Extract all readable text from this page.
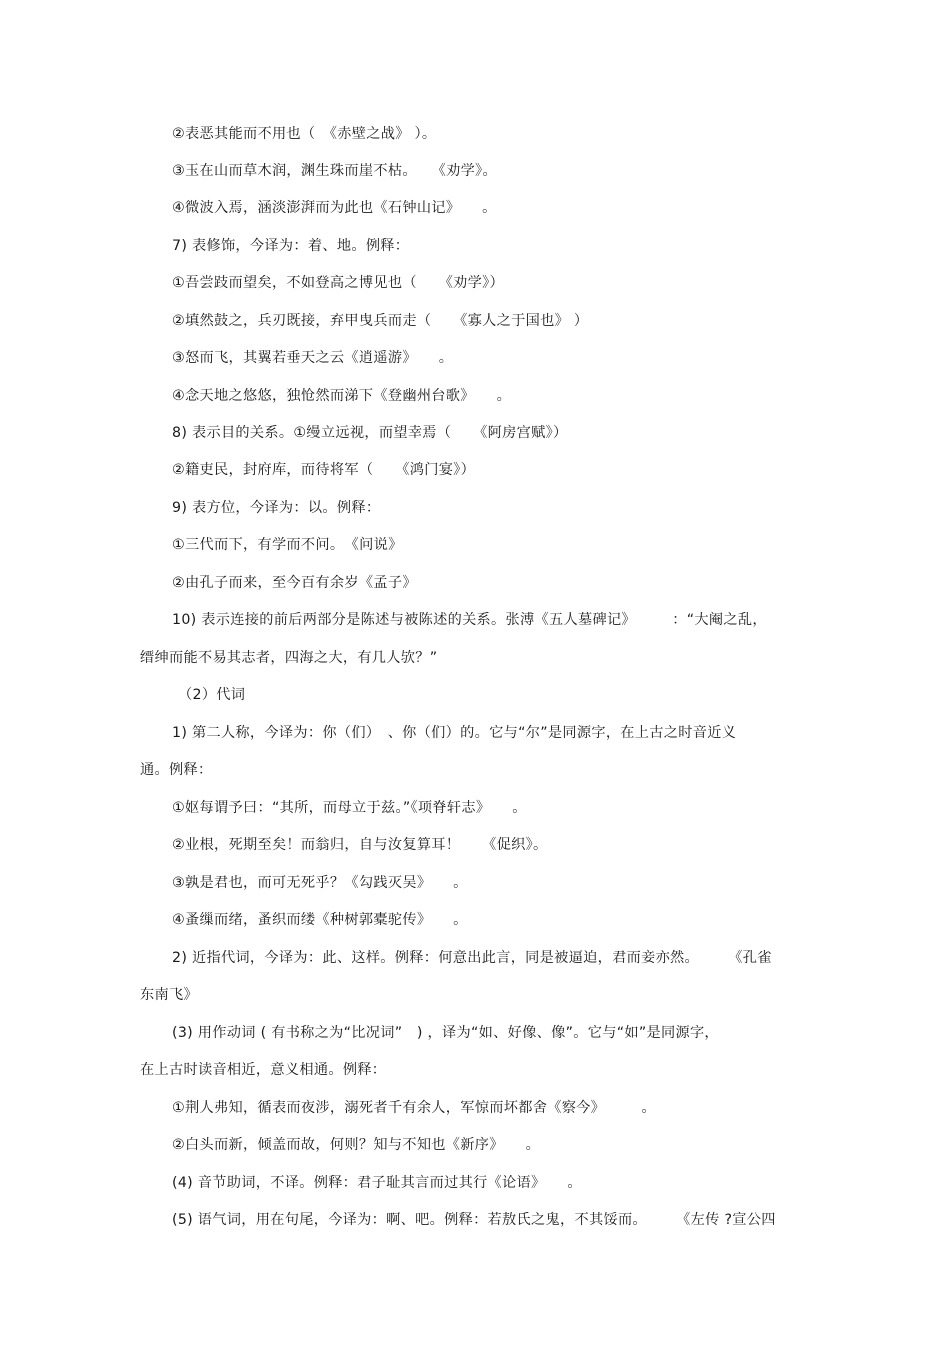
②表恶其能而不用也（　《赤壁之战》 ）。

③玉在山而草木润，渊生珠而崖不枯。　　《劝学》。

④微波入焉，涵淡澎湃而为此也《石钟山记》　　。

7) 表修饰，今译为：着、地。例释：

①吾尝跂而望矣，不如登高之博见也（　　《劝学》）

②填然鼓之，兵刃既接，弃甲曳兵而走（　　《寡人之于国也》 ）

③怒而飞，其翼若垂天之云《逍遥游》　　。

④念天地之悠悠，独怆然而涕下《登幽州台歌》　　。

8) 表示目的关系。①缦立远视，而望幸焉（　　《阿房宫赋》）

②籍吏民，封府库，而待将军（　　《鸿门宴》）

9) 表方位，今译为：以。例释：

①三代而下，有学而不问。　《问说》

②由孔子而来，至今百有余岁《孟子》

10) 表示连接的前后两部分是陈述与被陈述的关系。张溥《五人墓碑记》　　　：“大阉之乱，

缙绅而能不易其志者，四海之大，有几人欤？”

（2）代词

1) 第二人称，今译为：你（们）　、你（们）的。它与“尔”是同源字，在上古之时音近义

通。例释：

①妪每谓予曰：“其所，而母立于兹。”《项脊轩志》　　。

②业根，死期至矣！而翁归，自与汝复算耳！　　《促织》。

③孰是君也，而可无死乎？《勾践灭吴》　　。

④蚤缫而绪，蚤织而缕《种树郭橐驼传》　　。

2) 近指代词，今译为：此、这样。例释：何意出此言，同是被逼迫，君而妾亦然。　　　《孔雀

东南飞》

(3) 用作动词 ( 有书称之为“比况词”　) ，译为“如、好像、像”。它与“如”是同源字，

在上古时读音相近，意义相通。例释：

①荆人弗知，循表而夜涉，溺死者千有余人，军惊而坏都舍《察今》　　　。

②白头而新，倾盖而故，何则？知与不知也《新序》　　。

(4) 音节助词，不译。例释：君子耻其言而过其行《论语》　　。

(5) 语气词，用在句尾，今译为：啊、吧。例释：若敖氏之鬼，不其馁而。　　　《左传 ?宣公四
